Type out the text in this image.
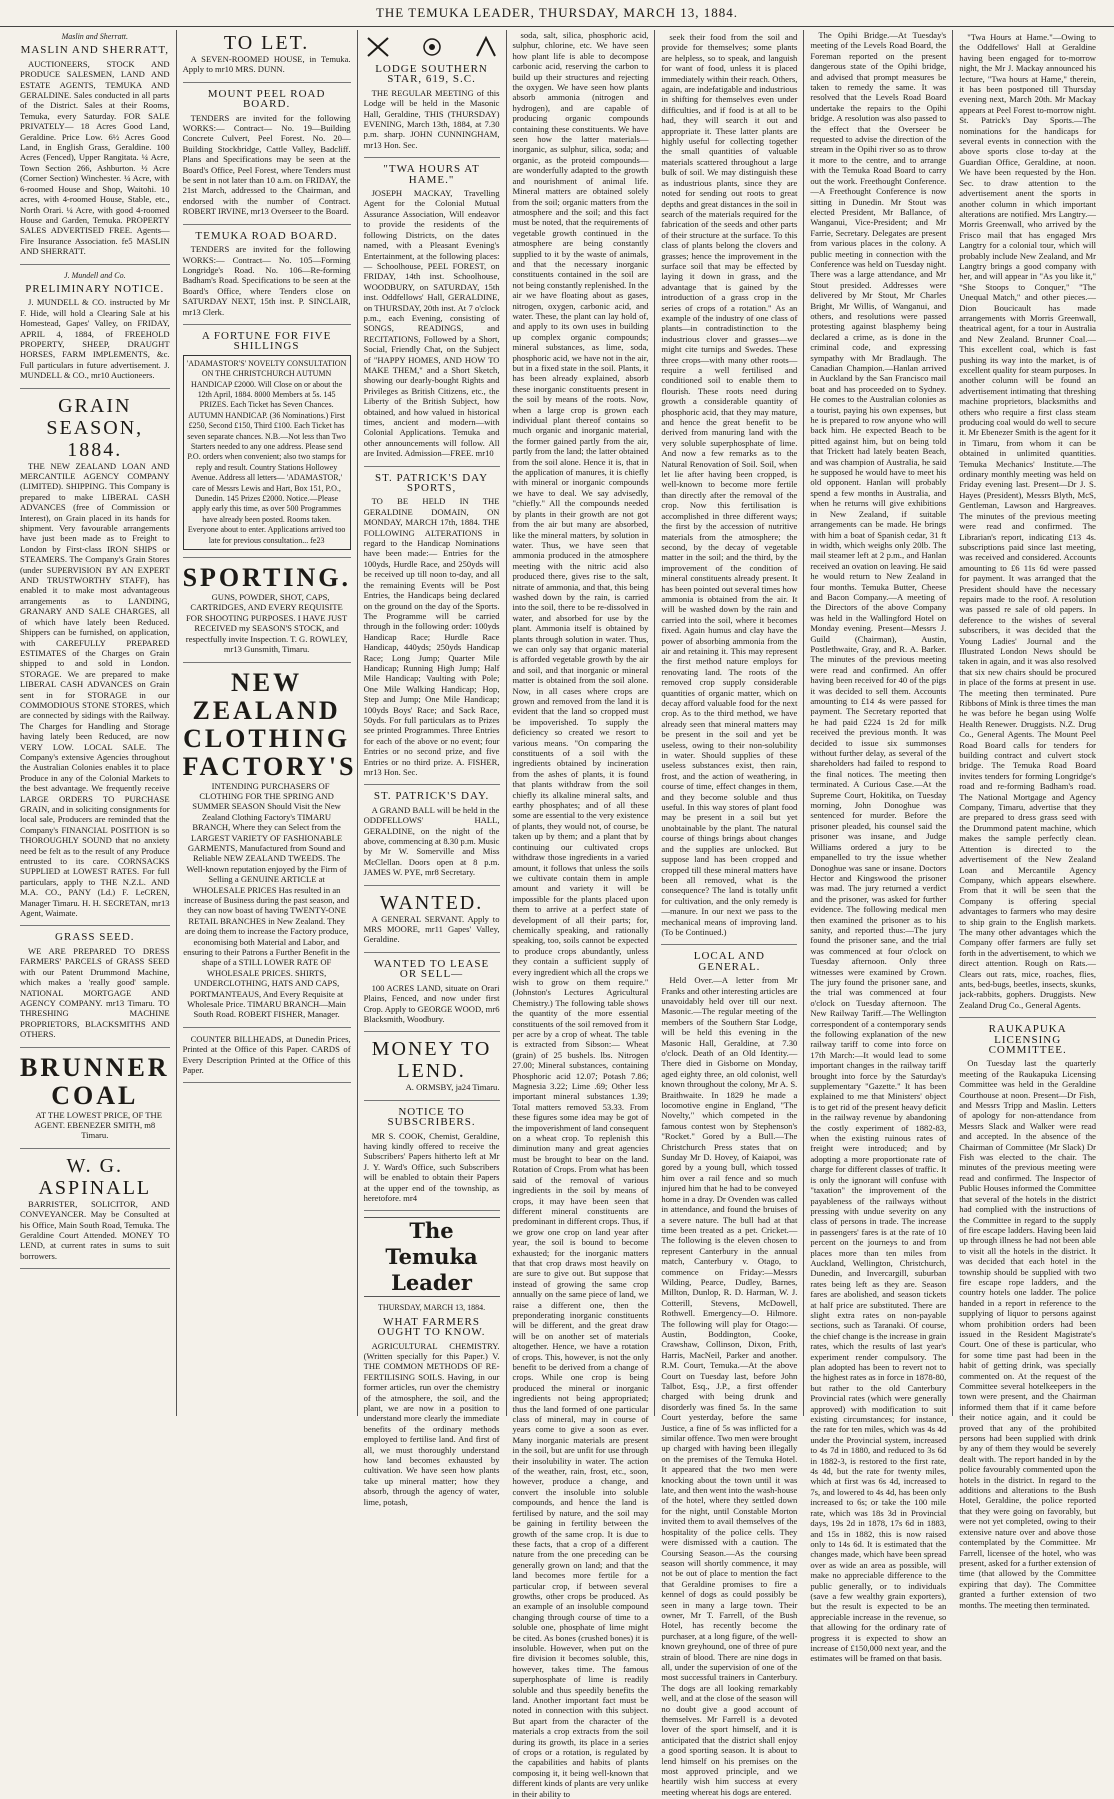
THE TEMUKA LEADER, THURSDAY, MARCH 13, 1884.
Maslin and Sherratt.
MASLIN AND SHERRATT,
AUCTIONEERS, STOCK AND PRODUCE SALESMEN, LAND AND ESTATE AGENTS, TEMUKA AND GERALDINE. Sales conducted in all parts of the District. Sales at their Rooms, Temuka, every Saturday. FOR SALE PRIVATELY— 18 Acres Good Land, Geraldine. Price Low. 6½ Acres Good Land, in English Grass, Geraldine. 100 Acres (Fenced), Upper Rangitata. ¼ Acre, Town Section 266, Ashburton. ½ Acre (Corner Section) Winchester. ¼ Acre, with 6-roomed House and Shop, Waitohi. 10 acres, with 4-roomed House, Stable, etc., North Orari. ¼ Acre, with good 4-roomed House and Garden, Temuka. PROPERTY SALES ADVERTISED FREE. Agents—Fire Insurance Association. fe5 MASLIN AND SHERRATT.
J. Mundell and Co.
PRELIMINARY NOTICE.
J. MUNDELL & CO. instructed by Mr F. Hide, will hold a Clearing Sale at his Homestead, Gapes' Valley, on FRIDAY, APRIL 4, 1884, of FREEHOLD PROPERTY, SHEEP, DRAUGHT HORSES, FARM IMPLEMENTS, &c. Full particulars in future advertisement. J. MUNDELL & CO., mr10 Auctioneers.
GRAIN SEASON, 1884.
THE NEW ZEALAND LOAN AND MERCANTILE AGENCY COMPANY (LIMITED). SHIPPING. This Company is prepared to make LIBERAL CASH ADVANCES (free of Commission or Interest), on Grain placed in its hands for shipment. Very favourable arrangements have just been made as to Freight to London by First-class IRON SHIPS or STEAMERS. The Company's Grain Stores (under SUPERVISION BY AN EXPERT AND TRUSTWORTHY STAFF), has enabled it to make most advantageous arrangements as to LANDING, GRANARY AND SALE CHARGES, all of which have lately been Reduced. Shippers can be furnished, on application, with CAREFULLY PREPARED ESTIMATES of the Charges on Grain shipped to and sold in London. STORAGE. We are prepared to make LIBERAL CASH ADVANCES on Grain sent in for STORAGE in our COMMODIOUS STONE STORES, which are connected by sidings with the Railway. The Charges for Handling and Storage having lately been Reduced, are now VERY LOW. LOCAL SALE. The Company's extensive Agencies throughout the Australian Colonies enables it to place Produce in any of the Colonial Markets to the best advantage. We frequently receive LARGE ORDERS TO PURCHASE GRAIN, and in soliciting consignments for local sale, Producers are reminded that the Company's FINANCIAL POSITION is so THOROUGHLY SOUND that no anxiety need be felt as to the result of any Produce entrusted to its care. CORNSACKS SUPPLIED at LOWEST RATES. For full particulars, apply to THE N.Z.L. AND M.A. CO., PANY (Ld.) F. LeCREN, Manager Timaru. H. H. SECRETAN, mr13 Agent, Waimate.
GRASS SEED.
WE ARE PREPARED TO DRESS FARMERS' PARCELS of GRASS SEED with our Patent Drummond Machine, which makes a 'really good' sample. NATIONAL MORTGAGE AND AGENCY COMPANY. mr13 Timaru. TO THRESHING MACHINE PROPRIETORS, BLACKSMITHS AND OTHERS.
BRUNNER COAL
AT THE LOWEST PRICE, OF THE AGENT. EBENEZER SMITH, m8 Timaru.
W. G. ASPINALL
BARRISTER, SOLICITOR, AND CONVEYANCER. May be Consulted at his Office, Main South Road, Temuka. The Geraldine Court Attended. MONEY TO LEND, at current rates in sums to suit borrowers.
TO LET.
A SEVEN-ROOMED HOUSE, in Temuka. Apply to mr10 MRS. DUNN.
MOUNT PEEL ROAD BOARD.
TENDERS are invited for the following WORKS:— Contract— No. 19—Building Concrete Culvert, Peel Forest. No. 20—Building Stockbridge, Cattle Valley, Badcliff. Plans and Specifications may be seen at the Board's Office, Peel Forest, where Tenders must be sent in not later than 10 a.m. on FRIDAY, the 21st March, addressed to the Chairman, and endorsed with the number of Contract. ROBERT IRVINE, mr13 Overseer to the Board.
TEMUKA ROAD BOARD.
TENDERS are invited for the following WORKS:— Contract— No. 105—Forming Longridge's Road. No. 106—Re-forming Badham's Road. Specifications to be seen at the Board's Office, where Tenders close on SATURDAY NEXT, 15th inst. P. SINCLAIR, mr13 Clerk.
A FORTUNE FOR FIVE SHILLINGS
'ADAMASTOR'S' NOVELTY CONSULTATION ON THE CHRISTCHURCH AUTUMN HANDICAP £2000. Will Close on or about the 12th April, 1884. 8000 Members at 5s. 145 PRIZES. Each Ticket has Seven Chances. AUTUMN HANDICAP. (36 Nominations.) First £250, Second £150, Third £100. Each Ticket has seven separate chances. N.B.—Not less than Two Starters needed to any one address. Please send P.O. orders when convenient; also two stamps for reply and result. Country Stations Hollowey Avenue. Address all letters— 'ADAMASTOR,' care of Messrs Lewis and Hart, Box 151, P.O., Dunedin. 145 Prizes £2000. Notice.—Please apply early this time, as over 500 Programmes have already been posted. Rooms taken. Everyone about to enter. Applications arrived too late for previous consultation... fe23
SPORTING.
GUNS, POWDER, SHOT, CAPS, CARTRIDGES, AND EVERY REQUISITE FOR SHOOTING PURPOSES. I HAVE JUST RECEIVED my SEASON'S STOCK, and respectfully invite Inspection. T. G. ROWLEY, mr13 Gunsmith, Timaru.
NEW ZEALAND CLOTHING FACTORY'S
INTENDING PURCHASERS OF CLOTHING FOR THE SPRING AND SUMMER SEASON Should Visit the New Zealand Clothing Factory's TIMARU BRANCH, Where they can Select from the LARGEST VARIETY OF FASHIONABLE GARMENTS, Manufactured from Sound and Reliable NEW ZEALAND TWEEDS. The Well-known reputation enjoyed by the Firm of Selling a GENUINE ARTICLE at WHOLESALE PRICES Has resulted in an increase of Business during the past season, and they can now boast of having TWENTY-ONE RETAIL BRANCHES in New Zealand. They are doing them to increase the Factory produce, economising both Material and Labor, and ensuring to their Patrons a Further Benefit in the shape of a STILL LOWER RATE OF WHOLESALE PRICES. SHIRTS, UNDERCLOTHING, HATS AND CAPS, PORTMANTEAUS, And Every Requisite at Wholesale Price. TIMARU BRANCH—Main South Road. ROBERT FISHER, Manager.
COUNTER BILLHEADS, at Dunedin Prices, Printed at the Office of this Paper. CARDS of Every Description Printed at the Office of this Paper.
LODGE SOUTHERN STAR, 619, S.C.
THE REGULAR MEETING of this Lodge will be held in the Masonic Hall, Geraldine, THIS (THURSDAY) EVENING, March 13th, 1884, at 7.30 p.m. sharp. JOHN CUNNINGHAM, mr13 Hon. Sec.
"TWA HOURS AT HAME."
JOSEPH MACKAY, Travelling Agent for the Colonial Mutual Assurance Association, Will endeavor to provide the residents of the following Districts, on the dates named, with a Pleasant Evening's Entertainment, at the following places:— Schoolhouse, PEEL FOREST, on FRIDAY, 14th inst. Schoolhouse, WOODBURY, on SATURDAY, 15th inst. Oddfellows' Hall, GERALDINE, on THURSDAY, 20th inst. At 7 o'clock p.m., each Evening, consisting of SONGS, READINGS, and RECITATIONS, Followed by a Short, Social, Friendly Chat, on the Subject of "HAPPY HOMES, AND HOW TO MAKE THEM," and a Short Sketch, showing our dearly-bought Rights and Privileges as British Citizens, etc., the Liberty of the British Subject, how obtained, and how valued in historical times, ancient and modern—with Colonial Applications. Temuka and other announcements will follow. All are Invited. Admission—FREE. mr10
ST. PATRICK'S DAY SPORTS,
TO BE HELD IN THE GERALDINE DOMAIN, ON MONDAY, MARCH 17th, 1884. THE FOLLOWING ALTERATIONS in regard to the Handicap Nominations have been made:— Entries for the 100yds, Hurdle Race, and 250yds will be received up till noon to-day, and all the remaining Events will be Post Entries, the Handicaps being declared on the ground on the day of the Sports. The Programme will be carried through in the following order: 100yds Handicap Race; Hurdle Race Handicap, 440yds; 250yds Handicap Race; Long Jump; Quarter Mile Handicap; Running High Jump; Half Mile Handicap; Vaulting with Pole; One Mile Walking Handicap; Hop, Step and Jump; One Mile Handicap; 100yds Boys' Race; and Sack Race, 50yds. For full particulars as to Prizes see printed Programmes. Three Entries for each of the above or no event; four Entries or no second prize, and five Entries or no third prize. A. FISHER, mr13 Hon. Sec.
ST. PATRICK'S DAY.
A GRAND BALL will be held in the ODDFELLOWS' HALL, GERALDINE, on the night of the above, commencing at 8.30 p.m. Music by Mr W. Somerville and Miss McClellan. Doors open at 8 p.m. JAMES W. PYE, mr8 Secretary.
WANTED.
A GENERAL SERVANT. Apply to MRS MOORE, mr11 Gapes' Valley, Geraldine.
WANTED TO LEASE OR SELL—
100 ACRES LAND, situate on Orari Plains, Fenced, and now under first Crop. Apply to GEORGE WOOD, mr6 Blacksmith, Woodbury.
MONEY TO LEND.
A. ORMSBY, ja24 Timaru.
NOTICE TO SUBSCRIBERS.
MR S. COOK, Chemist, Geraldine, having kindly offered to receive the Subscribers' Papers hitherto left at Mr J. Y. Ward's Office, such Subscribers will be enabled to obtain their Papers at the upper end of the township, as heretofore. mr4
The Temuka Leader
THURSDAY, MARCH 13, 1884.
WHAT FARMERS OUGHT TO KNOW.
AGRICULTURAL CHEMISTRY. (Written specially for this Paper.) V. THE COMMON METHODS OF RE-FERTILISING SOILS. Having, in our former articles, run over the chemistry of the atmosphere, the soil, and the plant, we are now in a position to understand more clearly the immediate benefits of the ordinary methods employed to fertilise land. And first of all, we must thoroughly understand how land becomes exhausted by cultivation. We have seen how plants take up mineral matter; how they absorb, through the agency of water, lime, potash,
soda, salt, silica, phosphoric acid, sulphur, chlorine, etc. We have seen how plant life is able to decompose carbonic acid, reserving the carbon to build up their structures and rejecting the oxygen. We have seen how plants absorb ammonia (nitrogen and hydrogen), and are capable of producing organic compounds containing these constituents. We have seen how the latter materials—inorganic, as sulphur, silica, soda; and organic, as the proteid compounds—are wonderfully adapted to the growth and nourishment of animal life. Mineral matters are obtained solely from the soil; organic matters from the atmosphere and the soil; and this fact must be noted, that the requirements of vegetable growth continued in the atmosphere are being constantly supplied to it by the waste of animals, and that the necessary inorganic constituents contained in the soil are not being constantly replenished. In the air we have floating about as gases, nitrogen, oxygen, carbonic acid, and water. These, the plant can lay hold of, and apply to its own uses in building up complex organic compounds; mineral substances, as lime, soda, phosphoric acid, we have not in the air, but in a fixed state in the soil. Plants, it has been already explained, absorb these inorganic constituents present in the soil by means of the roots. Now, when a large crop is grown each individual plant thereof contains so much organic and inorganic material, the former gained partly from the air, partly from the land; the latter obtained from the soil alone. Hence it is, that in the application of manures, it is chiefly with mineral or inorganic compounds we have to deal. We say advisedly, "chiefly." All the compounds needed by plants in their growth are not got from the air but many are absorbed, like the mineral matters, by solution in water. Thus, we have seen that ammonia produced in the atmosphere meeting with the nitric acid also produced there, gives rise to the salt, nitrate of ammonia, and that, this being washed down by the rain, is carried into the soil, there to be re-dissolved in water, and absorbed for use by the plant. Ammonia itself is obtained by plants through solution in water. Thus, we can only say that organic material is afforded vegetable growth by the air and soil, and that inorganic or mineral matter is obtained from the soil alone. Now, in all cases where crops are grown and removed from the land it is evident that the land so cropped must be impoverished. To supply the deficiency so created we resort to various means. "On comparing the constituents of a soil with the ingredients obtained by incineration from the ashes of plants, it is found that plants withdraw from the soil chiefly its alkaline mineral salts, and earthy phosphates; and of all these some are essential to the very existence of plants, they would not, of course, be taken up by them; and a plant that by continuing our cultivated crops withdraw those ingredients in a varied amount, it follows that unless the soils we cultivate contain them in ample amount and variety it will be impossible for the plants placed upon them to arrive at a perfect state of development of all their parts; for, chemically speaking, and rationally speaking, too, soils cannot be expected to produce crops abundantly, unless they contain a sufficient supply of every ingredient which all the crops we wish to grow on them require." (Johnston's Lectures Agricultural Chemistry.) The following table shows the quantity of the more essential constituents of the soil removed from it per acre by a crop of wheat. The table is extracted from Sibson:— Wheat (grain) of 25 bushels. lbs. Nitrogen 27.00; Mineral substances, containing Phosphoric acid 12.07; Potash 7.86; Magnesia 3.22; Lime .69; Other less important mineral substances 1.39; Total matters removed 53.33. From these figures some idea may be got of the impoverishment of land consequent on a wheat crop. To replenish this diminution many and great agencies must be brought to bear on the land. Rotation of Crops. From what has been said of the removal of various ingredients in the soil by means of crops, it may have been seen that different mineral constituents are predominant in different crops. Thus, if we grow one crop on land year after year, the soil is bound to become exhausted; for the inorganic matters that that crop draws most heavily on are sure to give out. But suppose that instead of growing the same crop annually on the same piece of land, we raise a different one, then the preponderating inorganic constituents will be different, and the great draw will be on another set of materials altogether. Hence, we have a rotation of crops. This, however, is not the only benefit to be derived from a change of crops. While one crop is being produced the mineral or inorganic ingredients not being appropriated; thus the land formed of one particular class of mineral, may in course of years come to give a soon as ever. Many inorganic materials are present in the soil, but are unfit for use through their insolubility in water. The action of the weather, rain, frost, etc., soon, however, produce a change, and convert the insoluble into soluble compounds, and hence the land is fertilised by nature, and the soil may be gaining in fertility between the growth of the same crop. It is due to these facts, that a crop of a different nature from the one preceding can be generally grown on land; and that the land becomes more fertile for a particular crop, if between several growths, other crops be produced. As an example of an insoluble compound changing through course of time to a soluble one, phosphate of lime might be cited. As bones (crushed bones) it is insoluble. However, when put on the fire division it becomes soluble, this, however, takes time. The famous superphosphate of lime is readily soluble and thus speedily benefits the land. Another important fact must be noted in connection with this subject. But apart from the character of the materials a crop extracts from the soil during its growth, its place in a series of crops or a rotation, is regulated by the capabilities and habits of plants composing it, it being well-known that different kinds of plants are very unlike in their ability to
seek their food from the soil and provide for themselves; some plants are helpless, so to speak, and languish for want of food, unless it is placed immediately within their reach. Others, again, are indefatigable and industrious in shifting for themselves even under difficulties, and if food is at all to be had, they will search it out and appropriate it. These latter plants are highly useful for collecting together the small quantities of valuable materials scattered throughout a large bulk of soil. We may distinguish these as industrious plants, since they are noted for sending out roots to great depths and great distances in the soil in search of the materials required for the fabrication of the seeds and other parts of their structure at the surface. To this class of plants belong the clovers and grasses; hence the improvement in the surface soil that may be effected by laying it down in grass, and the advantage that is gained by the introduction of a grass crop in the series of crops of a rotation." As an example of the industry of one class of plants—in contradistinction to the industrious clover and grasses—we might cite turnips and Swedes. These three crops—with many other roots—require a well fertilised and conditioned soil to enable them to flourish. These roots need during growth a considerable quantity of phosphoric acid, that they may mature, and hence the great benefit to be derived from manuring land with the very soluble superphosphate of lime. And now a few remarks as to the Natural Renovation of Soil. Soil, when let lie after having been cropped, is well-known to become more fertile than directly after the removal of the crop. Now this fertilisation is accomplished in three different ways; the first by the accession of nutritive materials from the atmosphere; the second, by the decay of vegetable matter in the soil; and the third, by the improvement of the condition of mineral constituents already present. It has been pointed out several times how ammonia is obtained from the air. It will be washed down by the rain and carried into the soil, where it becomes fixed. Again humus and clay have the power of absorbing ammonia from the air and retaining it. This may represent the first method nature employs for renovating land. The roots of the removed crop supply considerable quantities of organic matter, which on decay afford valuable food for the next crop. As to the third method, we have already seen that mineral matters may be present in the soil and yet be useless, owing to their non-solubility in water. Should supplies of these useless substances exist, then rain, frost, and the action of weathering, in course of time, effect changes in them, and they become soluble and thus useful. In this way stores of plant food may be present in a soil but yet unobtainable by the plant. The natural course of things brings about changes and the supplies are unlocked. But suppose land has been cropped and cropped till these mineral matters have been all removed, what is the consequence? The land is totally unfit for cultivation, and the only remedy is—manure. In our next we pass to the mechanical means of improving land. (To be Continued.)
LOCAL AND GENERAL.
Held Over.—A letter from Mr Franks and other interesting articles are unavoidably held over till our next. Masonic.—The regular meeting of the members of the Southern Star Lodge, will be held this evening in the Masonic Hall, Geraldine, at 7.30 o'clock. Death of an Old Identity.—There died in Gisborne on Monday, aged eighty three, an old colonist, well known throughout the colony, Mr A. S. Braithwaite. In 1829 he made a locomotive engine in England, "The Novelty," which competed in the famous contest won by Stephenson's "Rocket." Gored by a Bull.—The Christchurch Press states that on Sunday Mr D. Hovey, of Kaiapoi, was gored by a young bull, which tossed him over a rail fence and so much injured him that he had to be conveyed home in a dray. Dr Ovenden was called in attendance, and found the bruises of a severe nature. The bull had at that time been treated as a pet. Cricket.—The following is the eleven chosen to represent Canterbury in the annual match, Canterbury v. Otago, to commence on Friday:—Messrs Wilding, Pearce, Dudley, Barnes, Millton, Dunlop, R. D. Harman, W. J. Cotterill, Stevens, McDowell, Rothwell. Emergency—O. Hilmore. The following will play for Otago:—Austin, Boddington, Cooke, Crawshaw, Collinson, Dixon, Frith, Harris, MacNeil, Parker and another. R.M. Court, Temuka.—At the above Court on Tuesday last, before John Talbot, Esq., J.P., a first offender charged with being drunk and disorderly was fined 5s. In the same Court yesterday, before the same Justice, a fine of 5s was inflicted for a similar offence. Two men were brought up charged with having been illegally on the premises of the Temuka Hotel. It appeared that the two men were knocking about the town until it was late, and then went into the wash-house of the hotel, where they settled down for the night, until Constable Morton invited them to avail themselves of the hospitality of the police cells. They were dismissed with a caution. The Coursing Season.—As the coursing season will shortly commence, it may not be out of place to mention the fact that Geraldine promises to fire a kennel of dogs as could possibly be seen in many a large town. Their owner, Mr T. Farrell, of the Bush Hotel, has recently become the purchaser, at a long figure, of the well-known greyhound, one of three of pure strain of blood. There are nine dogs in all, under the supervision of one of the most successful trainers in Canterbury. The dogs are all looking remarkably well, and at the close of the season will no doubt give a good account of themselves. Mr Farrell is a devoted lover of the sport himself, and it is anticipated that the district shall enjoy a good sporting season. It is about to lend himself on his premises on the most approved principle, and we heartily wish him success at every meeting whereat his dogs are entered.
The Opihi Bridge.—At Tuesday's meeting of the Levels Road Board, the Foreman reported on the present dangerous state of the Opihi bridge, and advised that prompt measures be taken to remedy the same. It was resolved that the Levels Road Board undertake the repairs to the Opihi bridge. A resolution was also passed to the effect that the Overseer be requested to advise the direction of the stream in the Opihi river so as to throw it more to the centre, and to arrange with the Temuka Road Board to carry out the work. Freethought Conference.—A Freethought Conference is now sitting in Dunedin. Mr Stout was elected President, Mr Ballance, of Wanganui, Vice-President; and Mr Farrie, Secretary. Delegates are present from various places in the colony. A public meeting in connection with the Conference was held on Tuesday night. There was a large attendance, and Mr Stout presided. Addresses were delivered by Mr Stout, Mr Charles Bright, Mr Willis, of Wanganui, and others, and resolutions were passed protesting against blasphemy being declared a crime, as is done in the criminal code, and expressing sympathy with Mr Bradlaugh. The Canadian Champion.—Hanlan arrived in Auckland by the San Francisco mail boat and has proceeded on to Sydney. He comes to the Australian colonies as a tourist, paying his own expenses, but he is prepared to row anyone who will back him. He expected Beach to be pitted against him, but on being told that Trickett had lately beaten Beach, and was champion of Australia, he said he supposed he would have to meet his old opponent. Hanlan will probably spend a few months in Australia, and when he returns will give exhibitions in New Zealand, if suitable arrangements can be made. He brings with him a boat of Spanish cedar, 31 ft in width, which weighs only 20lb. The mail steamer left at 2 p.m., and Hanlan received an ovation on leaving. He said he would return to New Zealand in four months. Temuka Butter, Cheese and Bacon Company.—A meeting of the Directors of the above Company was held in the Wallingford Hotel on Monday evening. Present—Messrs J. Guild (Chairman), Austin, Postlethwaite, Gray, and R. A. Barker. The minutes of the previous meeting were read and confirmed. An offer having been received for 40 of the pigs it was decided to sell them. Accounts amounting to £14 4s were passed for payment. The Secretary reported that he had paid £224 1s 2d for milk received the previous month. It was decided to issue six summonses without further delay, as several of the shareholders had failed to respond to the final notices. The meeting then terminated. A Curious Case.—At the Supreme Court, Hokitika, on Tuesday morning, John Donoghue was sentenced for murder. Before the prisoner pleaded, his counsel said the prisoner was insane, and Judge Williams ordered a jury to be empanelled to try the issue whether Donoghue was sane or insane. Doctors Hector and Kingswood the prisoner was mad. The jury returned a verdict and the prisoner, was asked for further evidence. The following medical men then examined the prisoner as to his sanity, and reported thus:—The jury found the prisoner sane, and the trial was commenced at four o'clock on Tuesday afternoon. Only three witnesses were examined by Crown. The jury found the prisoner sane, and the trial was commenced at four o'clock on Tuesday afternoon. The New Railway Tariff.—The Wellington correspondent of a contemporary sends the following explanation of the new railway tariff to come into force on 17th March:—It would lead to some important changes in the railway tariff brought into force by the Saturday's supplementary "Gazette." It has been explained to me that Ministers' object is to get rid of the present heavy deficit in the railway revenue by abandoning the costly experiment of 1882-83, when the existing ruinous rates of freight were introduced; and by adopting a more proportionate rate of charge for different classes of traffic. It is only the ignorant will confuse with "taxation" the improvement of the payableness of the railways without pressing with undue severity on any class of persons in trade. The increase in passengers' fares is at the rate of 10 percent on the journeys to and from places more than ten miles from Auckland, Wellington, Christchurch, Dunedin, and Invercargill, suburban rates being left as they are. Season fares are abolished, and season tickets at half price are substituted. There are slight extra rates on non-payable sections, such as Taranaki. Of course, the chief change is the increase in grain rates, which the results of last year's experiment render compulsory. The plan adopted has been to revert not to the highest rates as in force in 1878-80, but rather to the old Canterbury Provincial rates (which were generally approved) with modification to suit existing circumstances; for instance, the rate for ten miles, which was 4s 4d under the Provincial system, increased to 4s 7d in 1880, and reduced to 3s 6d in 1882-3, is restored to the first rate, 4s 4d, but the rate for twenty miles, which at first was 6s 4d, increased to 7s, and lowered to 4s 4d, has been only increased to 6s; or take the 100 mile rate, which was 18s 3d in Provincial days, 19s 2d in 1878, 17s 6d in 1883, and 15s in 1882, this is now raised only to 14s 6d. It is estimated that the changes made, which have been spread over as wide an area as possible, will make no appreciable difference to the public generally, or to individuals (save a few wealthy grain exporters), but the result is expected to be an appreciable increase in the revenue, so that allowing for the ordinary rate of progress it is expected to show an increase of £150,000 next year, and the estimates will be framed on that basis.
"Twa Hours at Hame."—Owing to the Oddfellows' Hall at Geraldine having been engaged for to-morrow night, the Mr J. Mackay announced his lecture, "Twa hours at Hame," therein, it has been postponed till Thursday evening next, March 20th. Mr Mackay appears at Peel Forest to-morrow night. St. Patrick's Day Sports.—The nominations for the handicaps for several events in connection with the above sports close to-day at the Guardian Office, Geraldine, at noon. We have been requested by the Hon. Sec. to draw attention to the advertisement anent the sports in another column in which important alterations are notified. Mrs Langtry.—Morris Greenwall, who arrived by the Frisco mail that has engaged Mrs Langtry for a colonial tour, which will probably include New Zealand, and Mr Langtry brings a good company with her, and will appear in "As you like it," "She Stoops to Conquer," "The Unequal Match," and other pieces.—Dion Boucicault has made arrangements with Morris Greenwall, theatrical agent, for a tour in Australia and New Zealand. Brunner Coal.—This excellent coal, which is fast pushing its way into the market, is of excellent quality for steam purposes. In another column will be found an advertisement intimating that threshing machine proprietors, blacksmiths and others who require a first class steam producing coal would do well to secure it. Mr Ebenezer Smith is the agent for it in Timaru, from whom it can be obtained in unlimited quantities. Temuka Mechanics' Institute.—The ordinary monthly meeting was held on Friday evening last. Present—Dr J. S. Hayes (President), Messrs Blyth, McS, Gentleman, Lawson and Hargreaves. The minutes of the previous meeting were read and confirmed. The Librarian's report, indicating £13 4s. subscriptions paid since last meeting, was received and considered. Accounts amounting to £6 11s 6d were passed for payment. It was arranged that the President should have the necessary repairs made to the roof. A resolution was passed re sale of old papers. In deference to the wishes of several subscribers, it was decided that the Young Ladies' Journal and the Illustrated London News should be taken in again, and it was also resolved that six new chairs should be procured in place of the forms at present in use. The meeting then terminated. Pure Ribbons of Mink is three times the man he was before he began using Wolfe Health Renewer. Druggists. N.Z. Drug Co., General Agents. The Mount Peel Road Board calls for tenders for building contract and culvert stock bridge. The Temuka Road Board invites tenders for forming Longridge's road and re-forming Badham's road. The National Mortgage and Agency Company, Timaru, advertise that they are prepared to dress grass seed with the Drummond patent machine, which makes the sample perfectly clean. Attention is directed to the advertisement of the New Zealand Loan and Mercantile Agency Company, which appears elsewhere. From that it will be seen that the Company is offering special advantages to farmers who may desire to ship grain to the English markets. The many other advantages which the Company offer farmers are fully set forth in the advertisement, to which we direct attention. Rough on Rats.—Clears out rats, mice, roaches, flies, ants, bed-bugs, beetles, insects, skunks, jack-rabbits, gophers. Druggists. New Zealand Drug Co., General Agents.
RAUKAPUKA LICENSING COMMITTEE.
On Tuesday last the quarterly meeting of the Raukapuka Licensing Committee was held in the Geraldine Courthouse at noon. Present—Dr Fish, and Messrs Tripp and Maslin. Letters of apology for non-attendance from Messrs Slack and Walker were read and accepted. In the absence of the Chairman of Committee (Mr Slack) Dr Fish was elected to the chair. The minutes of the previous meeting were read and confirmed. The Inspector of Public Houses informed the Committee that several of the hotels in the district had complied with the instructions of the Committee in regard to the supply of fire escape ladders. Having been laid up through illness he had not been able to visit all the hotels in the district. It was decided that each hotel in the township should be supplied with two fire escape rope ladders, and the country hotels one ladder. The police handed in a report in reference to the supplying of liquor to persons against whom prohibition orders had been issued in the Resident Magistrate's Court. One of these is particular, who for some time past had been in the habit of getting drink, was specially commented on. At the request of the Committee several hotelkeepers in the town were present, and the Chairman informed them that if it came before their notice again, and it could be proved that any of the prohibited persons had been supplied with drink by any of them they would be severely dealt with. The report handed in by the police favourably commented upon the hotels in the district. In regard to the additions and alterations to the Bush Hotel, Geraldine, the police reported that they were going on favorably, but were not yet completed, owing to their extensive nature over and above those contemplated by the Committee. Mr Farrell, licensee of the hotel, who was present, asked for a further extension of time (that allowed by the Committee expiring that day). The Committee granted a further extension of two months. The meeting then terminated.
